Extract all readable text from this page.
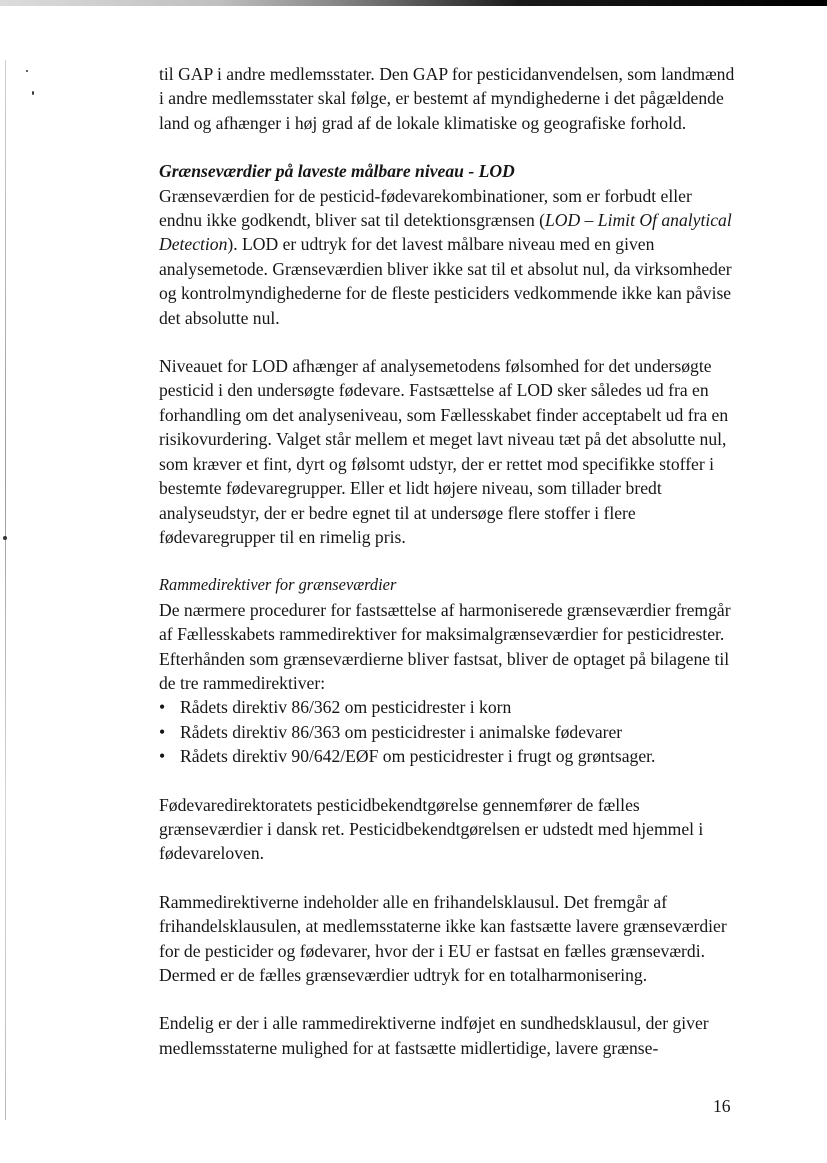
til GAP i andre medlemsstater. Den GAP for pesticidanvendelsen, som landmænd i andre medlemsstater skal følge, er bestemt af myndighederne i det pågældende land og afhænger i høj grad af de lokale klimatiske og geografiske forhold.

Grænseværdier på laveste målbare niveau - LOD

Grænseværdien for de pesticid-fødevarekombinationer, som er forbudt eller endnu ikke godkendt, bliver sat til detektionsgrænsen (LOD – Limit Of analytical Detection). LOD er udtryk for det lavest målbare niveau med en given analysemetode. Grænseværdien bliver ikke sat til et absolut nul, da virksomheder og kontrolmyndighederne for de fleste pesticiders vedkommende ikke kan påvise det absolutte nul.

Niveauet for LOD afhænger af analysemetodens følsomhed for det undersøgte pesticid i den undersøgte fødevare. Fastsættelse af LOD sker således ud fra en forhandling om det analyseniveau, som Fællesskabet finder acceptabelt ud fra en risikovurdering. Valget står mellem et meget lavt niveau tæt på det absolutte nul, som kræver et fint, dyrt og følsomt udstyr, der er rettet mod specifikke stoffer i bestemte fødevaregrupper. Eller et lidt højere niveau, som tillader bredt analyseudstyr, der er bedre egnet til at undersøge flere stoffer i flere fødevaregrupper til en rimelig pris.

Rammedirektiver for grænseværdier

De nærmere procedurer for fastsættelse af harmoniserede grænseværdier fremgår af Fællesskabets rammedirektiver for maksimalgrænseværdier for pesticidrester. Efterhånden som grænseværdierne bliver fastsat, bliver de optaget på bilagene til de tre rammedirektiver:

• Rådets direktiv 86/362 om pesticidrester i korn
• Rådets direktiv 86/363 om pesticidrester i animalske fødevarer
• Rådets direktiv 90/642/EØF om pesticidrester i frugt og grøntsager.

Fødevaredirektoratets pesticidbekendtgørelse gennemfører de fælles grænseværdier i dansk ret. Pesticidbekendtgørelsen er udstedt med hjemmel i fødevareloven.

Rammedirektiverne indeholder alle en frihandelsklausul. Det fremgår af frihandelsklausulen, at medlemsstaterne ikke kan fastsætte lavere grænseværdier for de pesticider og fødevarer, hvor der i EU er fastsat en fælles grænseværdi. Dermed er de fælles grænseværdier udtryk for en totalharmonisering.

Endelig er der i alle rammedirektiverne indføjet en sundhedsklausul, der giver medlemsstaterne mulighed for at fastsætte midlertidige, lavere grænse-

16
